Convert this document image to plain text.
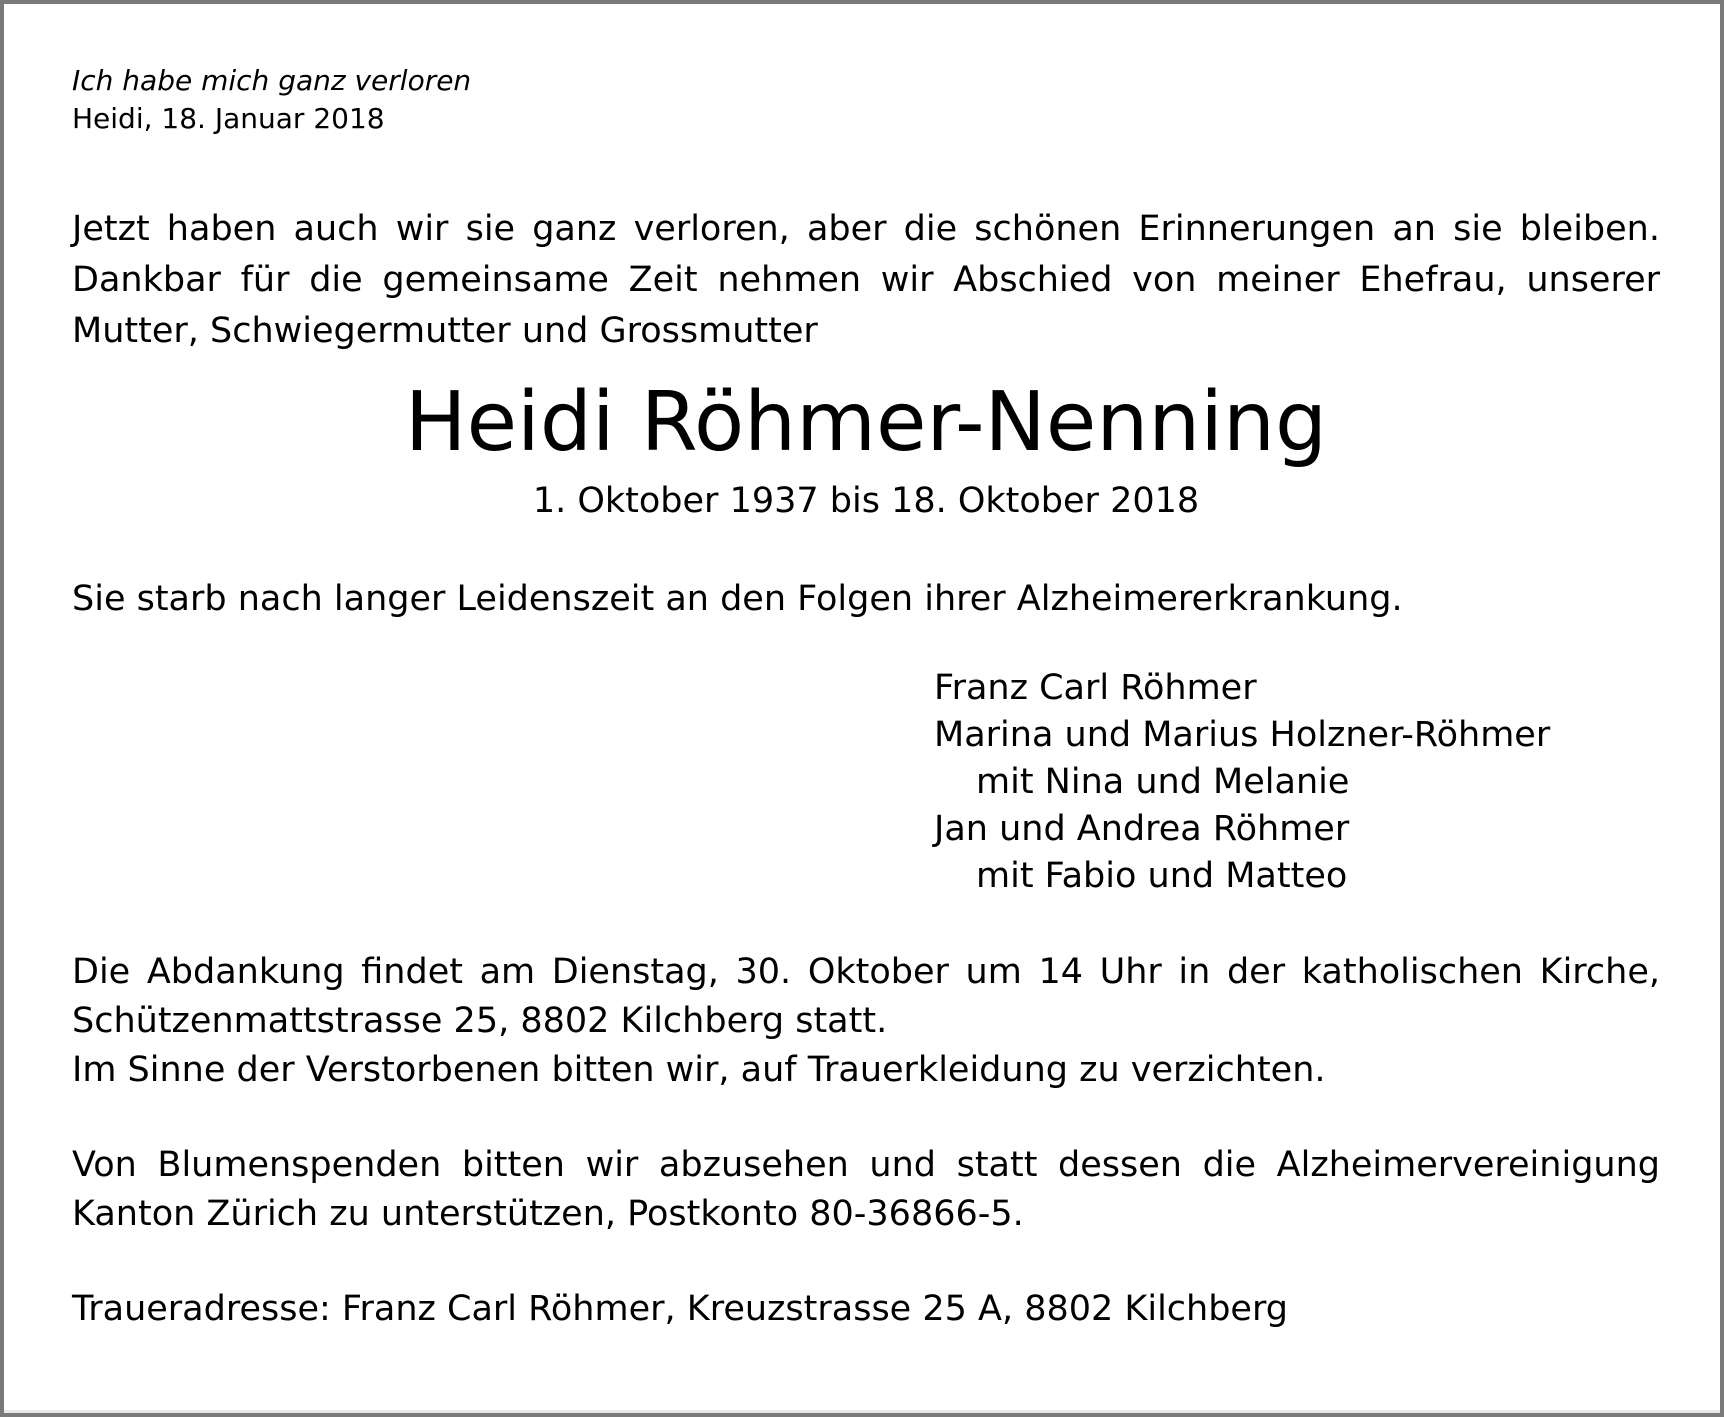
Ich habe mich ganz verloren
Heidi, 18. Januar 2018
Jetzt haben auch wir sie ganz verloren, aber die schönen Erinnerungen an sie bleiben.
Dankbar für die gemeinsame Zeit nehmen wir Abschied von meiner Ehefrau, unserer
Mutter, Schwiegermutter und Grossmutter
Heidi Röhmer-Nenning
1. Oktober 1937 bis 18. Oktober 2018
Sie starb nach langer Leidenszeit an den Folgen ihrer Alzheimererkrankung.
Franz Carl Röhmer
Marina und Marius Holzner-Röhmer
mit Nina und Melanie
Jan und Andrea Röhmer
mit Fabio und Matteo
Die Abdankung findet am Dienstag, 30. Oktober um 14 Uhr in der katholischen Kirche,
Schützenmattstrasse 25, 8802 Kilchberg statt.
Im Sinne der Verstorbenen bitten wir, auf Trauerkleidung zu verzichten.
Von Blumenspenden bitten wir abzusehen und statt dessen die Alzheimervereinigung
Kanton Zürich zu unterstützen, Postkonto 80-36866-5.
Traueradresse: Franz Carl Röhmer, Kreuzstrasse 25 A, 8802 Kilchberg
